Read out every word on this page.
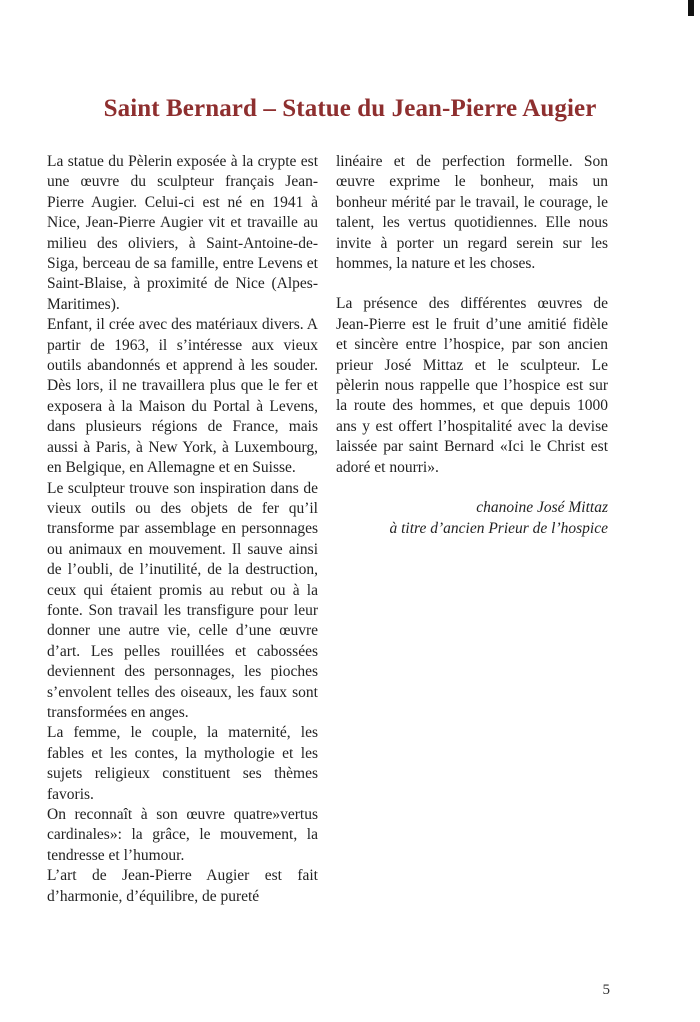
Saint Bernard – Statue du Jean-Pierre Augier

La statue du Pèlerin exposée à la crypte est une œuvre du sculpteur français Jean-Pierre Augier. Celui-ci est né en 1941 à Nice, Jean-Pierre Augier vit et travaille au milieu des oliviers, à Saint-Antoine-de-Siga, berceau de sa famille, entre Levens et Saint-Blaise, à proximité de Nice (Alpes-Maritimes).

Enfant, il crée avec des matériaux divers. A partir de 1963, il s’intéresse aux vieux outils abandonnés et apprend à les souder. Dès lors, il ne travaillera plus que le fer et exposera à la Maison du Portal à Levens, dans plusieurs régions de France, mais aussi à Paris, à New York, à Luxembourg, en Belgique, en Allemagne et en Suisse.

Le sculpteur trouve son inspiration dans de vieux outils ou des objets de fer qu’il transforme par assemblage en personnages ou animaux en mouvement. Il sauve ainsi de l’oubli, de l’inutilité, de la destruction, ceux qui étaient promis au rebut ou à la fonte. Son travail les transfigure pour leur donner une autre vie, celle d’une œuvre d’art. Les pelles rouillées et cabossées deviennent des personnages, les pioches s’envolent telles des oiseaux, les faux sont transformées en anges.

La femme, le couple, la maternité, les fables et les contes, la mythologie et les sujets religieux constituent ses thèmes favoris.

On reconnaît à son œuvre quatre»vertus cardinales»: la grâce, le mouvement, la tendresse et l’humour.

L’art de Jean-Pierre Augier est fait d’harmonie, d’équilibre, de pureté

linéaire et de perfection formelle. Son œuvre exprime le bonheur, mais un bonheur mérité par le travail, le courage, le talent, les vertus quotidiennes. Elle nous invite à porter un regard serein sur les hommes, la nature et les choses.

La présence des différentes œuvres de Jean-Pierre est le fruit d’une amitié fidèle et sincère entre l’hospice, par son ancien prieur José Mittaz et le sculpteur. Le pèlerin nous rappelle que l’hospice est sur la route des hommes, et que depuis 1000 ans y est offert l’hospitalité avec la devise laissée par saint Bernard «Ici le Christ est adoré et nourri».

chanoine José Mittaz
à titre d’ancien Prieur de l’hospice
5
